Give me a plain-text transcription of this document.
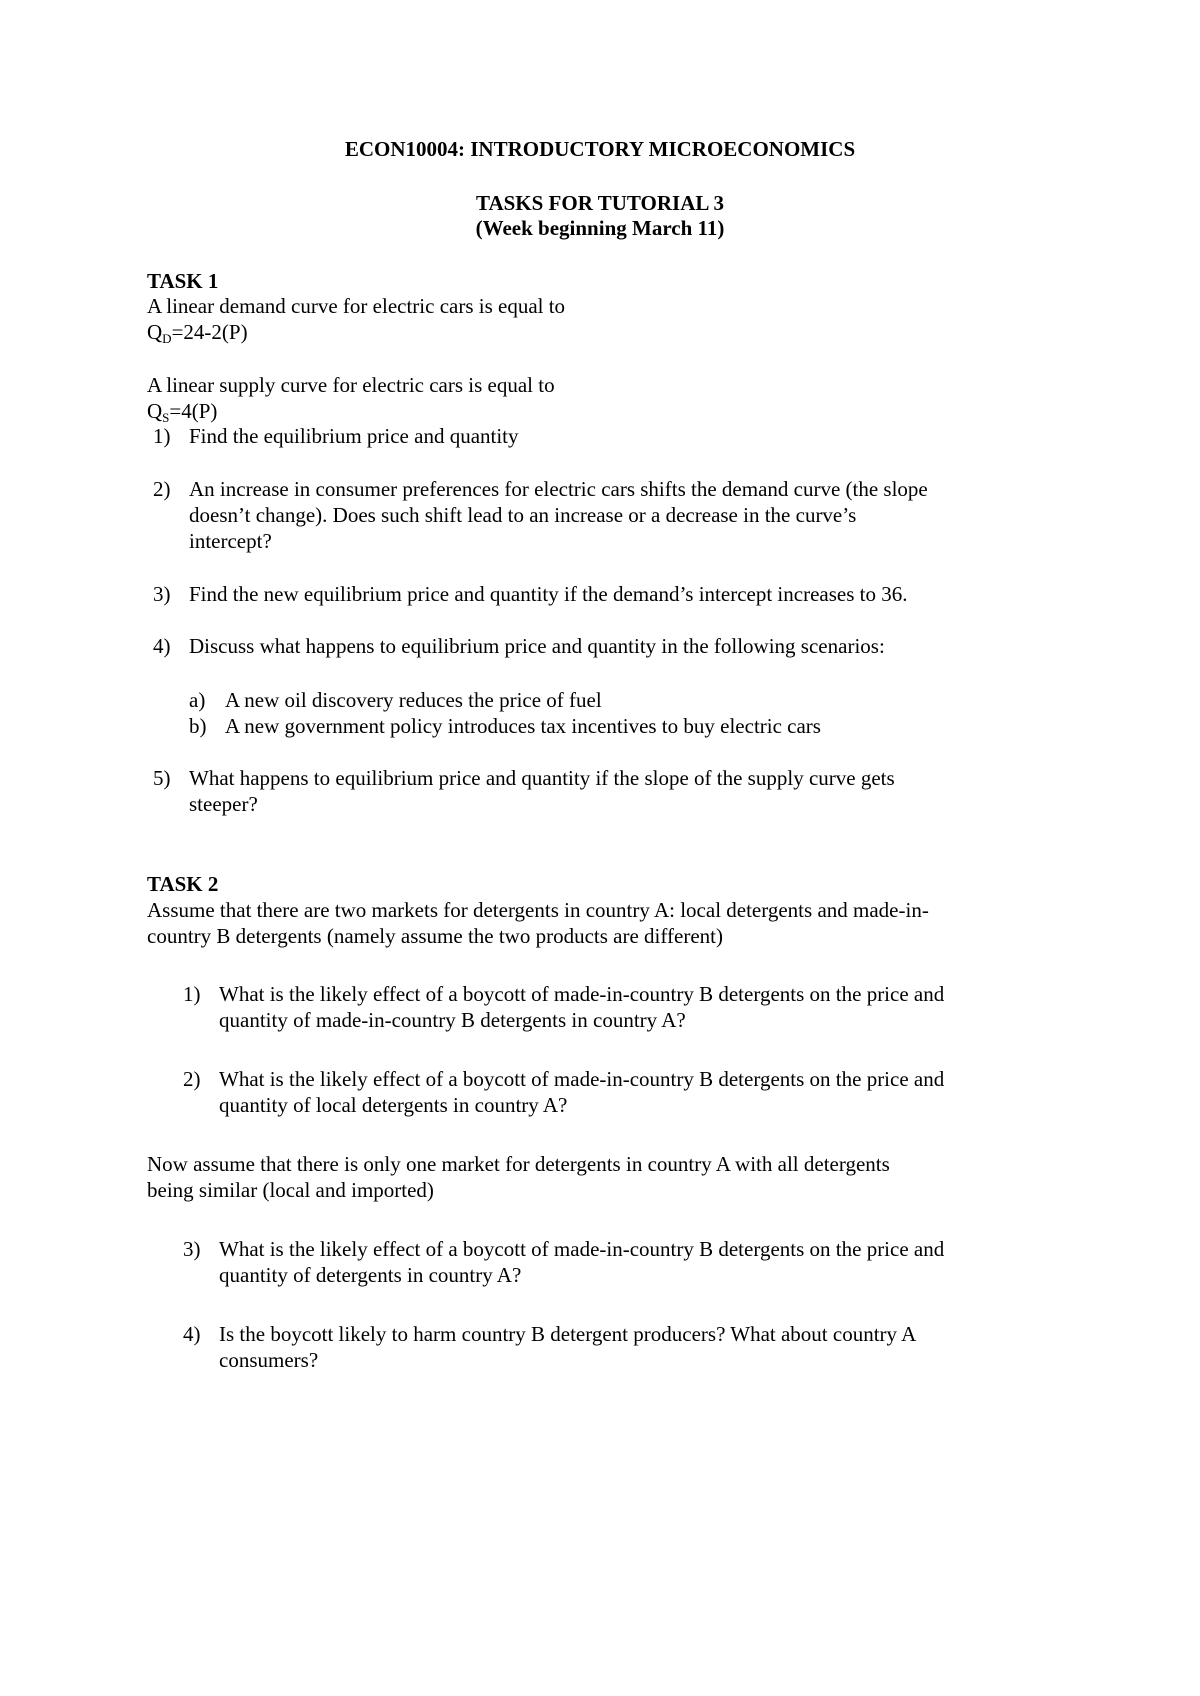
ECON10004: INTRODUCTORY MICROECONOMICS
TASKS FOR TUTORIAL 3
(Week beginning March 11)
TASK 1
A linear demand curve for electric cars is equal to
QD=24-2(P)
A linear supply curve for electric cars is equal to
QS=4(P)
1) Find the equilibrium price and quantity
2) An increase in consumer preferences for electric cars shifts the demand curve (the slope
doesn’t change). Does such shift lead to an increase or a decrease in the curve’s
intercept?
3) Find the new equilibrium price and quantity if the demand’s intercept increases to 36.
4) Discuss what happens to equilibrium price and quantity in the following scenarios:
a) A new oil discovery reduces the price of fuel
b) A new government policy introduces tax incentives to buy electric cars
5) What happens to equilibrium price and quantity if the slope of the supply curve gets
steeper?
TASK 2
Assume that there are two markets for detergents in country A: local detergents and made-in-
country B detergents (namely assume the two products are different)
1) What is the likely effect of a boycott of made-in-country B detergents on the price and
quantity of made-in-country B detergents in country A?
2) What is the likely effect of a boycott of made-in-country B detergents on the price and
quantity of local detergents in country A?
Now assume that there is only one market for detergents in country A with all detergents
being similar (local and imported)
3) What is the likely effect of a boycott of made-in-country B detergents on the price and
quantity of detergents in country A?
4) Is the boycott likely to harm country B detergent producers? What about country A
consumers?
